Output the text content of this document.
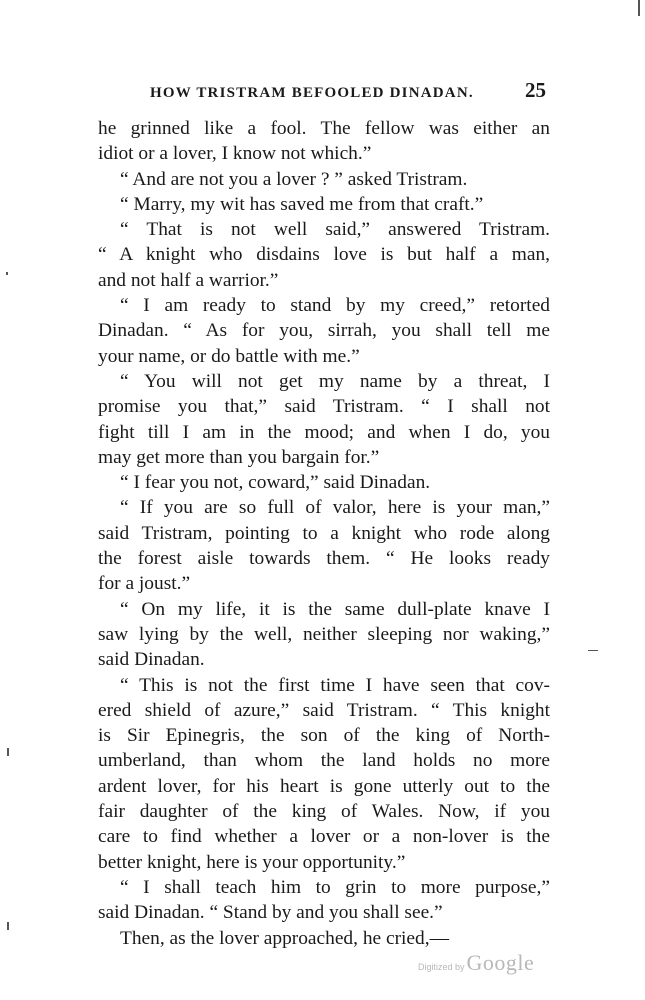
HOW TRISTRAM BEFOOLED DINADAN. 25
he grinned like a fool. The fellow was either an
idiot or a lover, I know not which.”
“ And are not you a lover ? ” asked Tristram.
“ Marry, my wit has saved me from that craft.”
“ That is not well said,” answered Tristram.
“ A knight who disdains love is but half a man,
and not half a warrior.”
“ I am ready to stand by my creed,” retorted
Dinadan. “ As for you, sirrah, you shall tell me
your name, or do battle with me.”
“ You will not get my name by a threat, I
promise you that,” said Tristram. “ I shall not
fight till I am in the mood; and when I do, you
may get more than you bargain for.”
“ I fear you not, coward,” said Dinadan.
“ If you are so full of valor, here is your man,”
said Tristram, pointing to a knight who rode along
the forest aisle towards them. “ He looks ready
for a joust.”
“ On my life, it is the same dull-plate knave I
saw lying by the well, neither sleeping nor waking,”
said Dinadan.
“ This is not the first time I have seen that cov-
ered shield of azure,” said Tristram. “ This knight
is Sir Epinegris, the son of the king of North-
umberland, than whom the land holds no more
ardent lover, for his heart is gone utterly out to the
fair daughter of the king of Wales. Now, if you
care to find whether a lover or a non-lover is the
better knight, here is your opportunity.”
“ I shall teach him to grin to more purpose,”
said Dinadan. “ Stand by and you shall see.”
Then, as the lover approached, he cried,—
Digitized by Google
